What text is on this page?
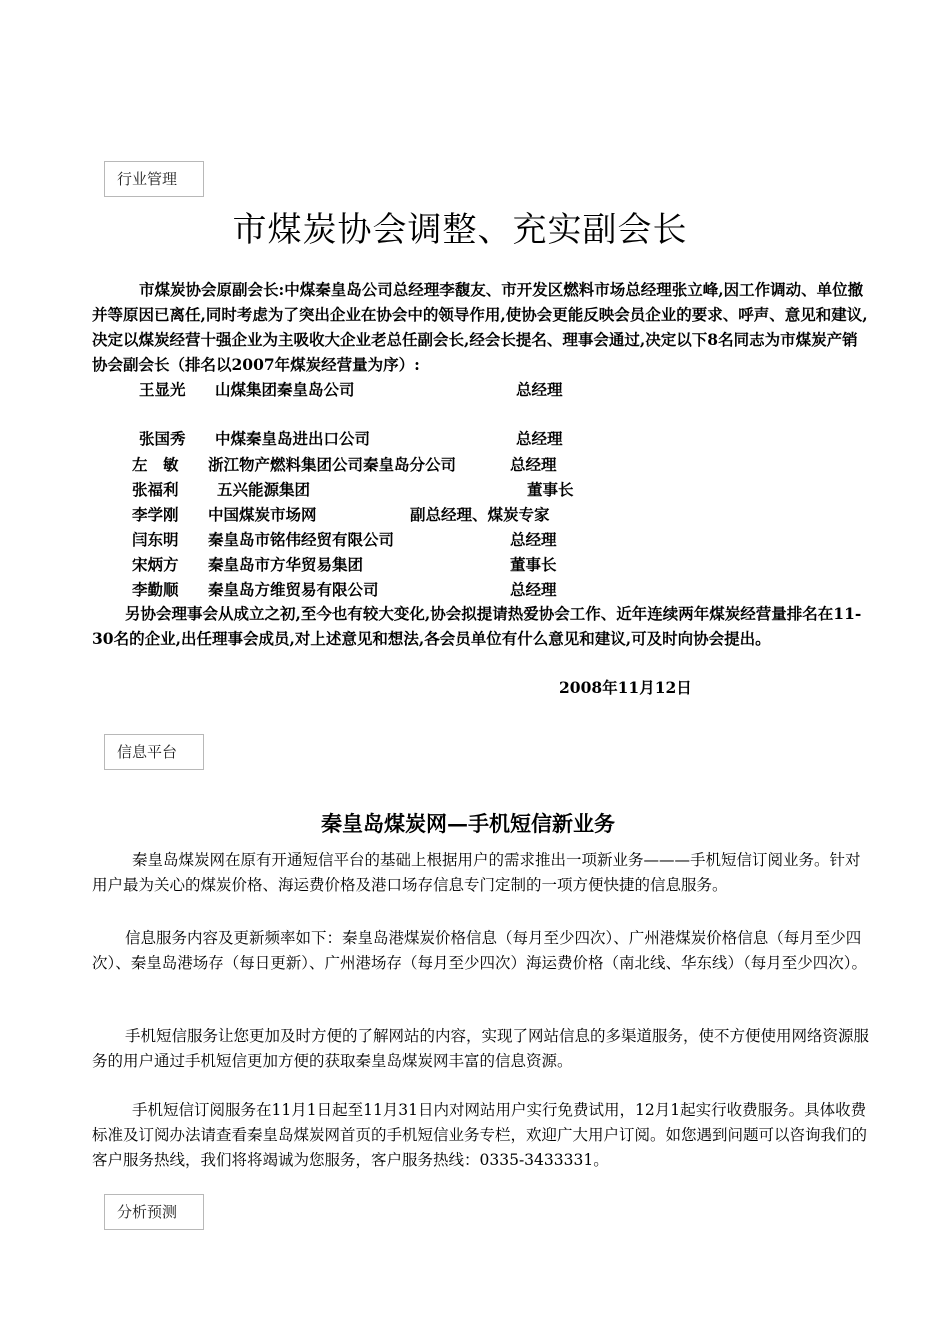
行业管理
市煤炭协会调整、充实副会长

市煤炭协会原副会长:中煤秦皇岛公司总经理李馥友、市开发区燃料市场总经理张立峰,因工作调动、单位撤并等原因已离任,同时考虑为了突出企业在协会中的领导作用,使协会更能反映会员企业的要求、呼声、意见和建议,决定以煤炭经营十强企业为主吸收大企业老总任副会长,经会长提名、理事会通过,决定以下8名同志为市煤炭产销协会副会长（排名以2007年煤炭经营量为序）:

王显光 山煤集团秦皇岛公司	总经理
张国秀 中煤秦皇岛进出口公司	总经理
左　敏 浙江物产燃料集团公司秦皇岛分公司	总经理
张福利 五兴能源集团	董事长
李学刚 中国煤炭市场网	副总经理、煤炭专家
闫东明 秦皇岛市铭伟经贸有限公司	总经理
宋炳方 秦皇岛市方华贸易集团	董事长
李勤顺 秦皇岛方维贸易有限公司	总经理

另协会理事会从成立之初,至今也有较大变化,协会拟提请热爱协会工作、近年连续两年煤炭经营量排名在11-30名的企业,出任理事会成员,对上述意见和想法,各会员单位有什么意见和建议,可及时向协会提出。

2008年11月12日
信息平台
秦皇岛煤炭网—手机短信新业务

秦皇岛煤炭网在原有开通短信平台的基础上根据用户的需求推出一项新业务———手机短信订阅业务。针对用户最为关心的煤炭价格、海运费价格及港口场存信息专门定制的一项方便快捷的信息服务。

信息服务内容及更新频率如下：秦皇岛港煤炭价格信息（每月至少四次）、广州港煤炭价格信息（每月至少四次）、秦皇岛港场存（每日更新）、广州港场存（每月至少四次）海运费价格（南北线、华东线）（每月至少四次）。

手机短信服务让您更加及时方便的了解网站的内容，实现了网站信息的多渠道服务，使不方便使用网络资源服务的用户通过手机短信更加方便的获取秦皇岛煤炭网丰富的信息资源。

手机短信订阅服务在11月1日起至11月31日内对网站用户实行免费试用，12月1起实行收费服务。具体收费标准及订阅办法请查看秦皇岛煤炭网首页的手机短信业务专栏，欢迎广大用户订阅。如您遇到问题可以咨询我们的客户服务热线，我们将将竭诚为您服务，客户服务热线：0335-3433331。

分析预测
